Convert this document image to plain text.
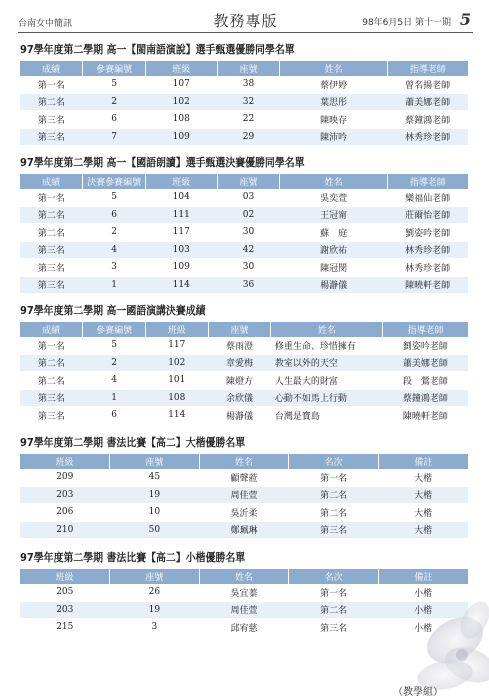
台南女中簡訊	教務專版	98年6月5日 第十一期 5
97學年度第二學期 高一【閩南語演說】選手甄選優勝同學名單
成績	參賽編號	班級	座號	姓名	指導老師
第一名	5	107	38	蔡伊婷	曾名揚老師
第二名	2	102	32	葉思彤	蕭美娜老師
第三名	6	108	22	陳映存	蔡鐘鴻老師
第三名	7	109	29	陳沛吟	林秀珍老師
97學年度第二學期 高一【國語朗讀】選手甄選決賽優勝同學名單
成績	決賽參賽編號	班級	座號	姓名	指導老師
第一名	5	104	03	吳奕萱	欒福仙老師
第二名	6	111	02	王冠甯	莊爾怡老師
第二名	2	117	30	蘇　庭	劉姿吟老師
第三名	4	103	42	謝欣祐	林秀珍老師
第三名	3	109	30	陳冠閔	林秀珍老師
第三名	1	114	36	楊瀞儀	陳曉軒老師
97學年度第二學期 高一國語演講決賽成績
成績	參賽編號	班級	座號	姓名	指導老師
第一名	5	117	蔡雨澄	修重生命、珍惜擁有	劉姿吟老師
第二名	2	102	章愛梅	教室以外的天空	蕭美娜老師
第二名	4	101	陳燈方	人生最大的財富	段　鶯老師
第三名	1	108	余欣儀	心動不如馬上行動	蔡鐘鴻老師
第三名	6	114	楊瀞儀	台灣是寶島	陳曉軒老師
97學年度第二學期 書法比賽【高二】大楷優勝名單
班級	座號	姓名	名次	備註
209	45	顧聲蒞	第一名	大楷
203	19	周佳萱	第二名	大楷
206	10	吳沂柔	第二名	大楷
210	50	鄭珮琳	第三名	大楷
97學年度第二學期 書法比賽【高二】小楷優勝名單
班級	座號	姓名	名次	備註
205	26	吳宜蓁	第一名	小楷
203	19	周佳萱	第二名	小楷
215	3	邱宥慈	第三名	小楷
（教學組）
